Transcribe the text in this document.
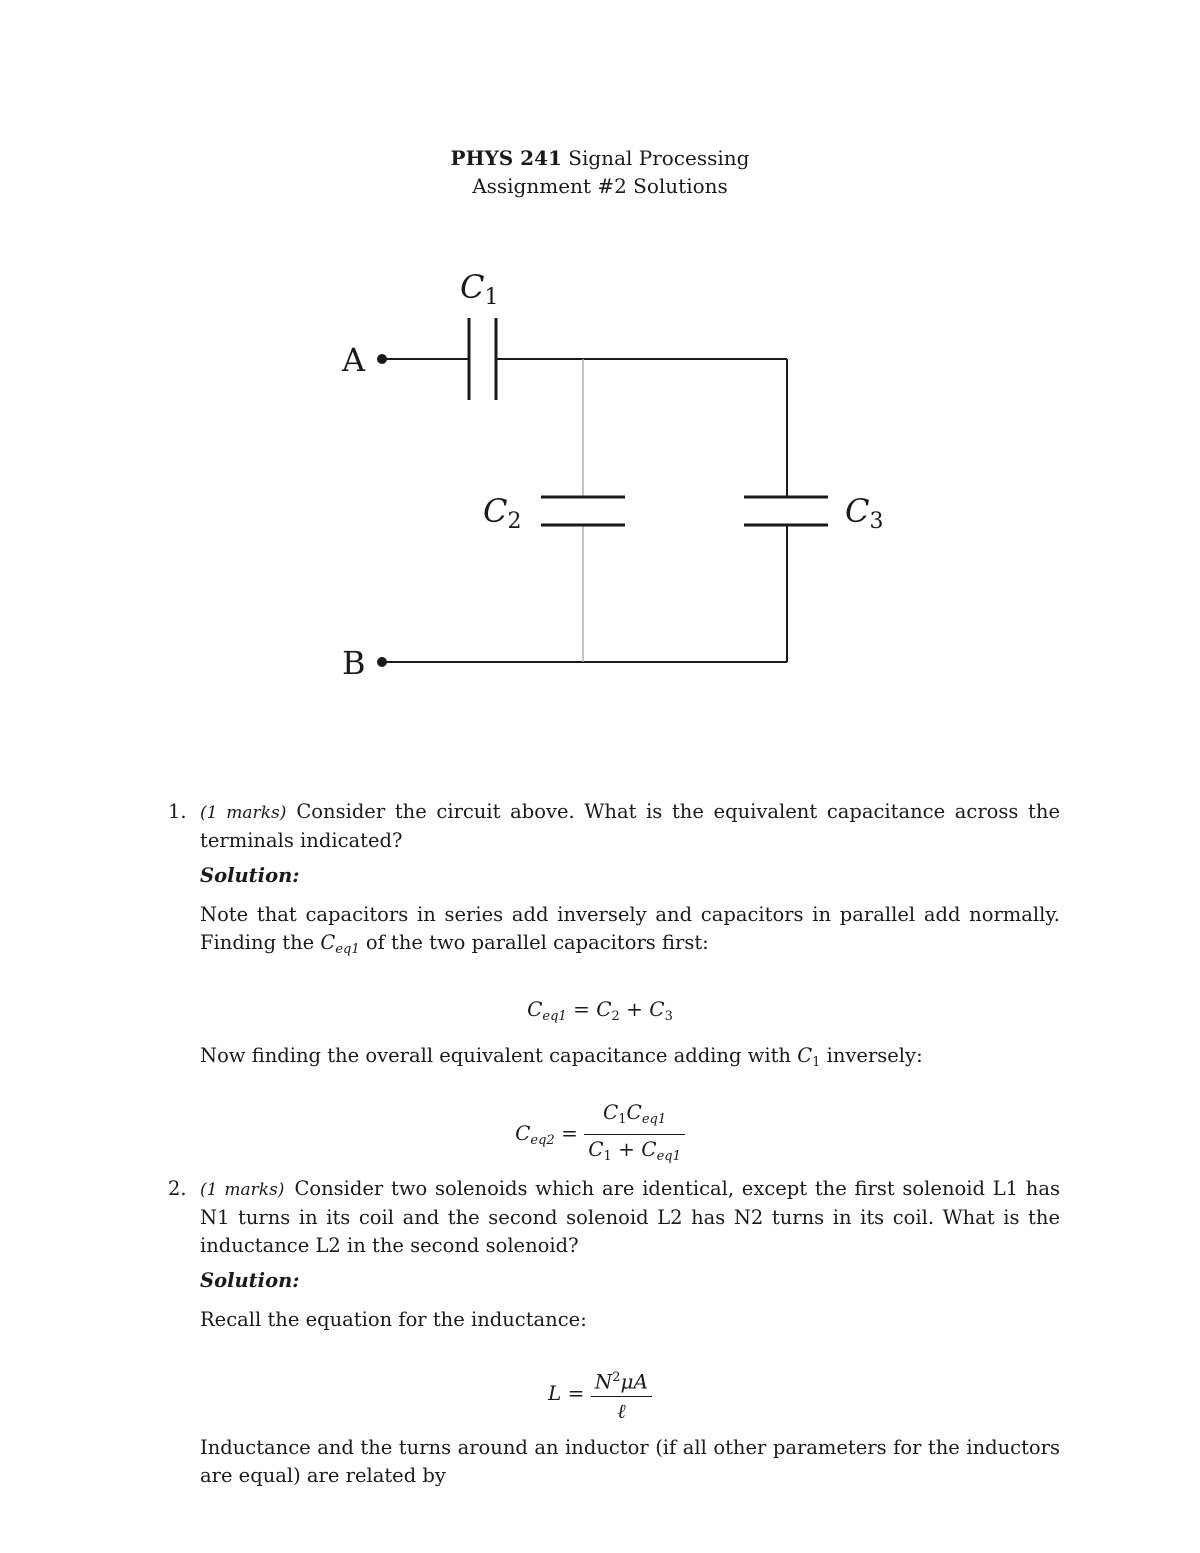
PHYS 241 Signal Processing
Assignment #2 Solutions
A
B
C1
C2	C3
1. (1 marks) Consider the circuit above. What is the equivalent capacitance across the terminals indicated?
Solution:
Note that capacitors in series add inversely and capacitors in parallel add normally. Finding the $C_{eq1}$ of the two parallel capacitors first:
$C_{eq1} = C_2 + C_3$
Now finding the overall equivalent capacitance adding with $C_1$ inversely:
$C_{eq2} = \frac{C_1C_{eq1}}{C_1 + C_{eq1}}$
2. (1 marks) Consider two solenoids which are identical, except the first solenoid L1 has N1 turns in its coil and the second solenoid L2 has N2 turns in its coil. What is the inductance L2 in the second solenoid?
Solution:
Recall the equation for the inductance:
$L = \frac{N^2\mu A}{\text{ℓ}}$
Inductance and the turns around an inductor (if all other parameters for the inductors are equal) are related by
